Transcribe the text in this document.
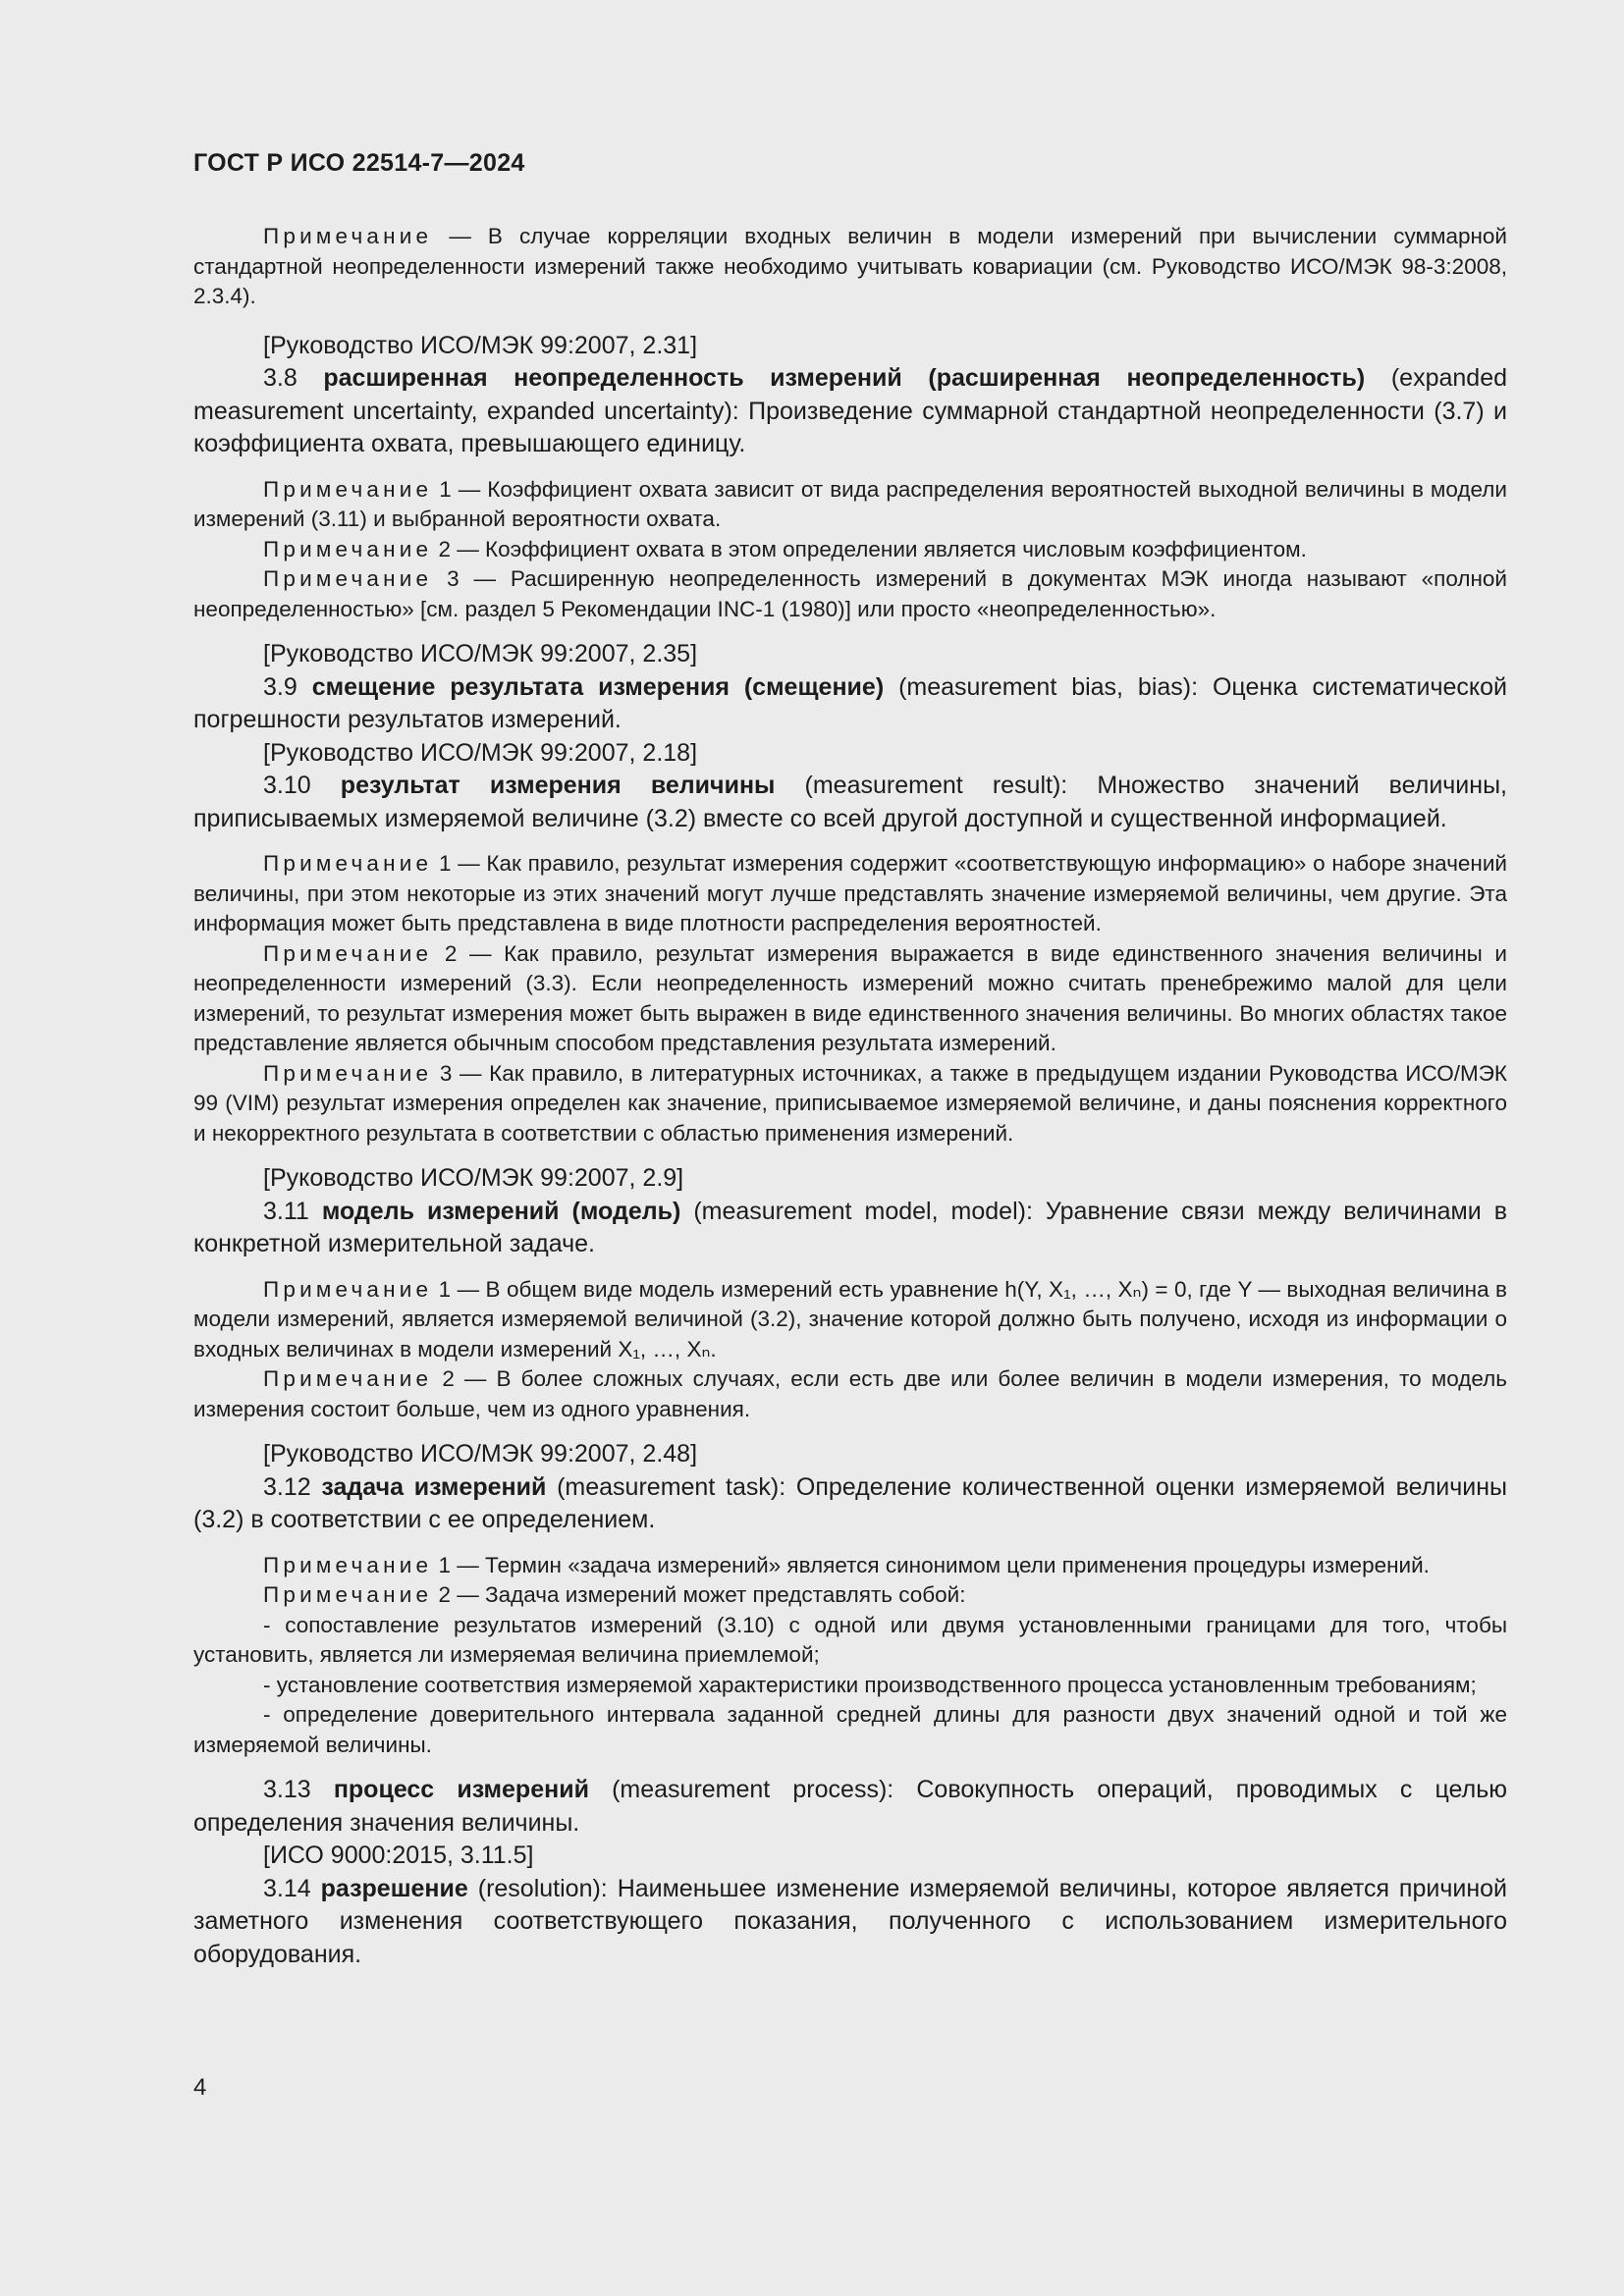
ГОСТ Р ИСО 22514-7—2024

Примечание — В случае корреляции входных величин в модели измерений при вычислении суммарной стандартной неопределенности измерений также необходимо учитывать ковариации (см. Руководство ИСО/МЭК 98-3:2008, 2.3.4).

[Руководство ИСО/МЭК 99:2007, 2.31]

3.8 расширенная неопределенность измерений (расширенная неопределенность) (expanded measurement uncertainty, expanded uncertainty): Произведение суммарной стандартной неопределенности (3.7) и коэффициента охвата, превышающего единицу.

Примечание 1 — Коэффициент охвата зависит от вида распределения вероятностей выходной величины в модели измерений (3.11) и выбранной вероятности охвата.

Примечание 2 — Коэффициент охвата в этом определении является числовым коэффициентом.

Примечание 3 — Расширенную неопределенность измерений в документах МЭК иногда называют «полной неопределенностью» [см. раздел 5 Рекомендации INC-1 (1980)] или просто «неопределенностью».

[Руководство ИСО/МЭК 99:2007, 2.35]

3.9 смещение результата измерения (смещение) (measurement bias, bias): Оценка систематической погрешности результатов измерений.

[Руководство ИСО/МЭК 99:2007, 2.18]

3.10 результат измерения величины (measurement result): Множество значений величины, приписываемых измеряемой величине (3.2) вместе со всей другой доступной и существенной информацией.

Примечание 1 — Как правило, результат измерения содержит «соответствующую информацию» о наборе значений величины, при этом некоторые из этих значений могут лучше представлять значение измеряемой величины, чем другие. Эта информация может быть представлена в виде плотности распределения вероятностей.

Примечание 2 — Как правило, результат измерения выражается в виде единственного значения величины и неопределенности измерений (3.3). Если неопределенность измерений можно считать пренебрежимо малой для цели измерений, то результат измерения может быть выражен в виде единственного значения величины. Во многих областях такое представление является обычным способом представления результата измерений.

Примечание 3 — Как правило, в литературных источниках, а также в предыдущем издании Руководства ИСО/МЭК 99 (VIM) результат измерения определен как значение, приписываемое измеряемой величине, и даны пояснения корректного и некорректного результата в соответствии с областью применения измерений.

[Руководство ИСО/МЭК 99:2007, 2.9]

3.11 модель измерений (модель) (measurement model, model): Уравнение связи между величинами в конкретной измерительной задаче.

Примечание 1 — В общем виде модель измерений есть уравнение h(Y, X₁, …, Xₙ) = 0, где Y — выходная величина в модели измерений, является измеряемой величиной (3.2), значение которой должно быть получено, исходя из информации о входных величинах в модели измерений X₁, …, Xₙ.

Примечание 2 — В более сложных случаях, если есть две или более величин в модели измерения, то модель измерения состоит больше, чем из одного уравнения.

[Руководство ИСО/МЭК 99:2007, 2.48]

3.12 задача измерений (measurement task): Определение количественной оценки измеряемой величины (3.2) в соответствии с ее определением.

Примечание 1 — Термин «задача измерений» является синонимом цели применения процедуры измерений.

Примечание 2 — Задача измерений может представлять собой:

- сопоставление результатов измерений (3.10) с одной или двумя установленными границами для того, чтобы установить, является ли измеряемая величина приемлемой;

- установление соответствия измеряемой характеристики производственного процесса установленным требованиям;

- определение доверительного интервала заданной средней длины для разности двух значений одной и той же измеряемой величины.

3.13 процесс измерений (measurement process): Совокупность операций, проводимых с целью определения значения величины.

[ИСО 9000:2015, 3.11.5]

3.14 разрешение (resolution): Наименьшее изменение измеряемой величины, которое является причиной заметного изменения соответствующего показания, полученного с использованием измерительного оборудования.

4
